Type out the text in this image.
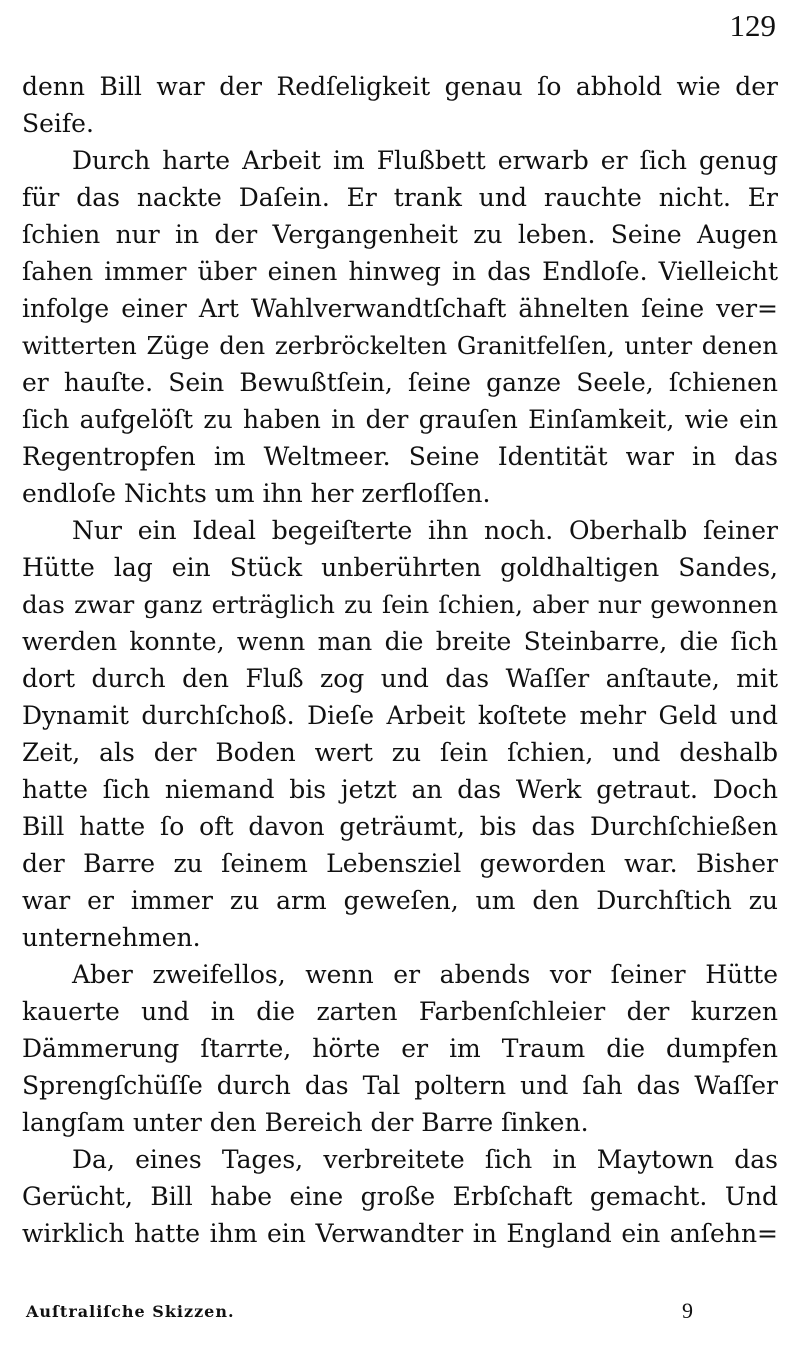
129
denn Bill war der Redſeligkeit genau ſo abhold wie der
Seife.
Durch harte Arbeit im Flußbett erwarb er ſich genug
für das nackte Daſein. Er trank und rauchte nicht. Er
ſchien nur in der Vergangenheit zu leben. Seine Augen
ſahen immer über einen hinweg in das Endloſe. Vielleicht
infolge einer Art Wahlverwandtſchaft ähnelten ſeine ver=
witterten Züge den zerbröckelten Granitfelſen, unter denen
er hauſte. Sein Bewußtſein, ſeine ganze Seele, ſchienen
ſich aufgelöſt zu haben in der grauſen Einſamkeit, wie ein
Regentropfen im Weltmeer. Seine Identität war in das
endloſe Nichts um ihn her zerfloſſen.
Nur ein Ideal begeiſterte ihn noch. Oberhalb ſeiner
Hütte lag ein Stück unberührten goldhaltigen Sandes,
das zwar ganz erträglich zu ſein ſchien, aber nur gewonnen
werden konnte, wenn man die breite Steinbarre, die ſich
dort durch den Fluß zog und das Waſſer anſtaute, mit
Dynamit durchſchoß. Dieſe Arbeit koſtete mehr Geld und
Zeit, als der Boden wert zu ſein ſchien, und deshalb
hatte ſich niemand bis jetzt an das Werk getraut. Doch
Bill hatte ſo oft davon geträumt, bis das Durchſchießen
der Barre zu ſeinem Lebensziel geworden war. Bisher
war er immer zu arm geweſen, um den Durchſtich zu
unternehmen.
Aber zweifellos, wenn er abends vor ſeiner Hütte
kauerte und in die zarten Farbenſchleier der kurzen
Dämmerung ſtarrte, hörte er im Traum die dumpfen
Sprengſchüſſe durch das Tal poltern und ſah das Waſſer
langſam unter den Bereich der Barre ſinken.
Da, eines Tages, verbreitete ſich in Maytown das
Gerücht, Bill habe eine große Erbſchaft gemacht. Und
wirklich hatte ihm ein Verwandter in England ein anſehn=
Auſtraliſche Skizzen.	9
